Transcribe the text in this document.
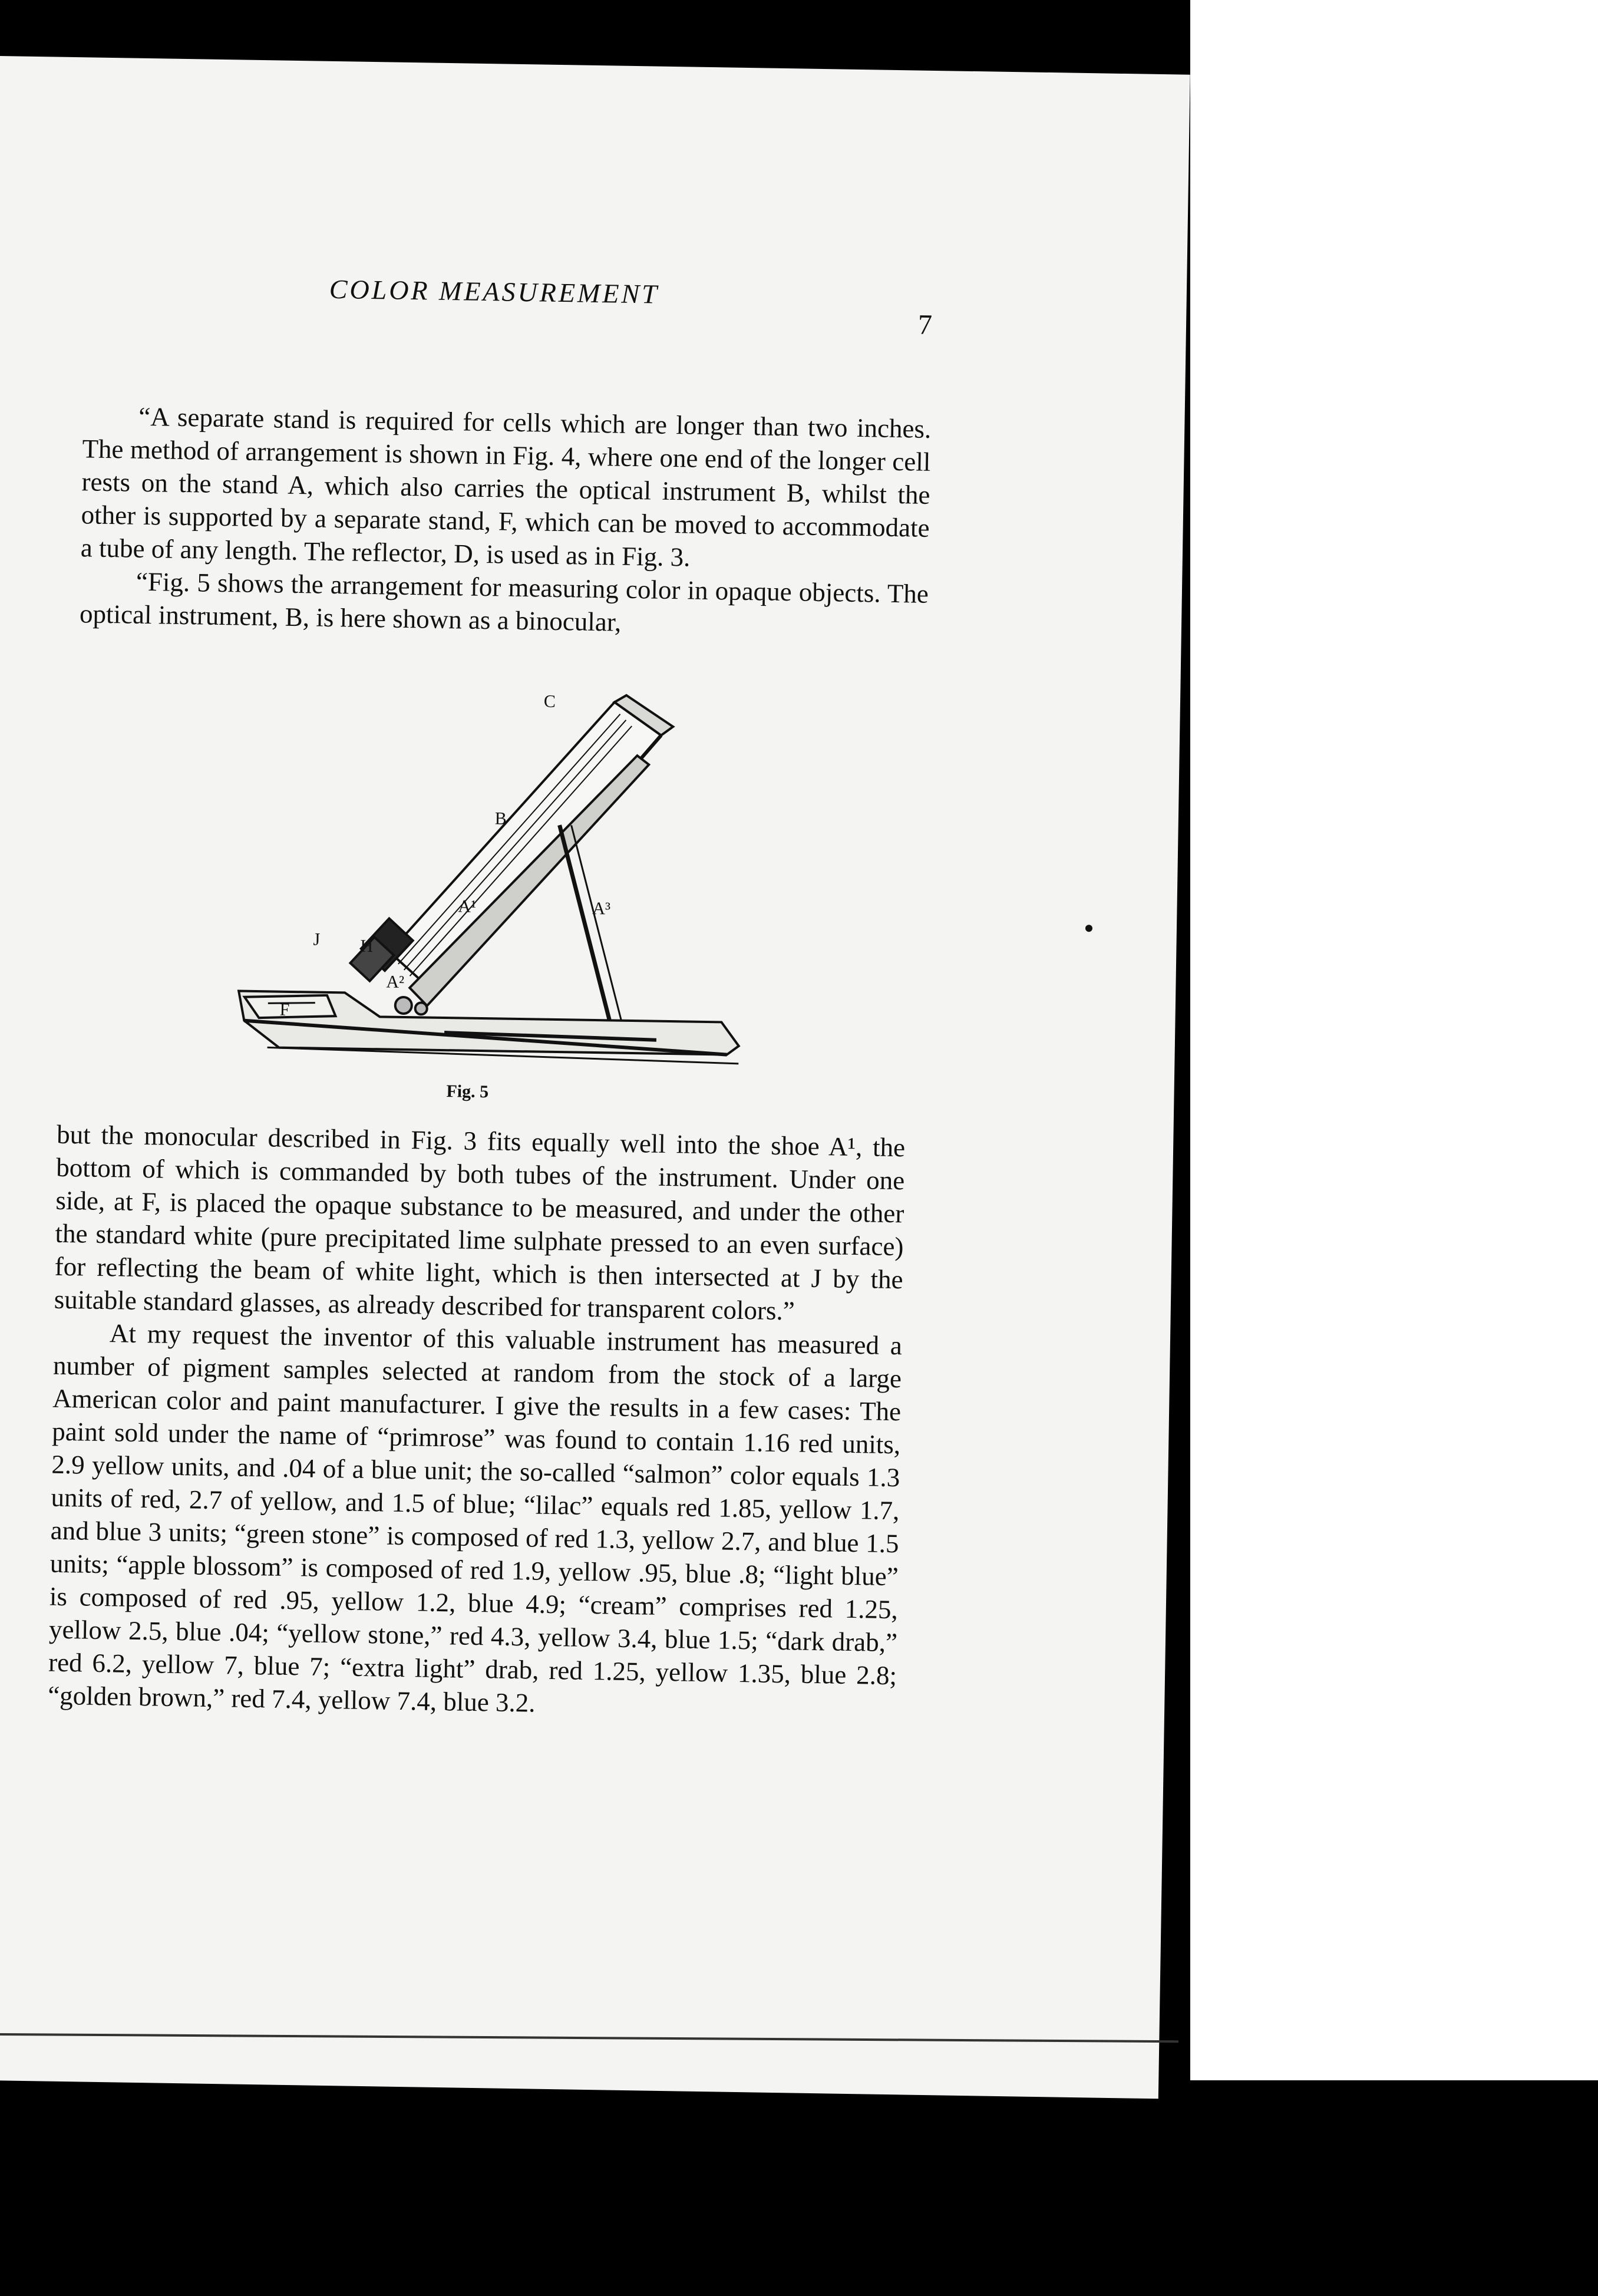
COLOR MEASUREMENT
7

“A separate stand is required for cells which are longer than two inches. The method of arrangement is shown in Fig. 4, where one end of the longer cell rests on the stand A, which also carries the optical instrument B, whilst the other is supported by a separate stand, F, which can be moved to accommodate a tube of any length. The reflector, D, is used as in Fig. 3.

“Fig. 5 shows the arrangement for measuring color in opaque objects. The optical instrument, B, is here shown as a binocular,

C
B
A¹
A²
A³
J H
F
Fig. 5

but the monocular described in Fig. 3 fits equally well into the shoe A¹, the bottom of which is commanded by both tubes of the instrument. Under one side, at F, is placed the opaque substance to be measured, and under the other the standard white (pure precipitated lime sulphate pressed to an even surface) for reflecting the beam of white light, which is then intersected at J by the suitable standard glasses, as already described for transparent colors.”

At my request the inventor of this valuable instrument has measured a number of pigment samples selected at random from the stock of a large American color and paint manufacturer. I give the results in a few cases: The paint sold under the name of “primrose” was found to contain 1.16 red units, 2.9 yellow units, and .04 of a blue unit; the so-called “salmon” color equals 1.3 units of red, 2.7 of yellow, and 1.5 of blue; “lilac” equals red 1.85, yellow 1.7, and blue 3 units; “green stone” is composed of red 1.3, yellow 2.7, and blue 1.5 units; “apple blossom” is composed of red 1.9, yellow .95, blue .8; “light blue” is composed of red .95, yellow 1.2, blue 4.9; “cream” comprises red 1.25, yellow 2.5, blue .04; “yellow stone,” red 4.3, yellow 3.4, blue 1.5; “dark drab,” red 6.2, yellow 7, blue 7; “extra light” drab, red 1.25, yellow 1.35, blue 2.8; “golden brown,” red 7.4, yellow 7.4, blue 3.2.
